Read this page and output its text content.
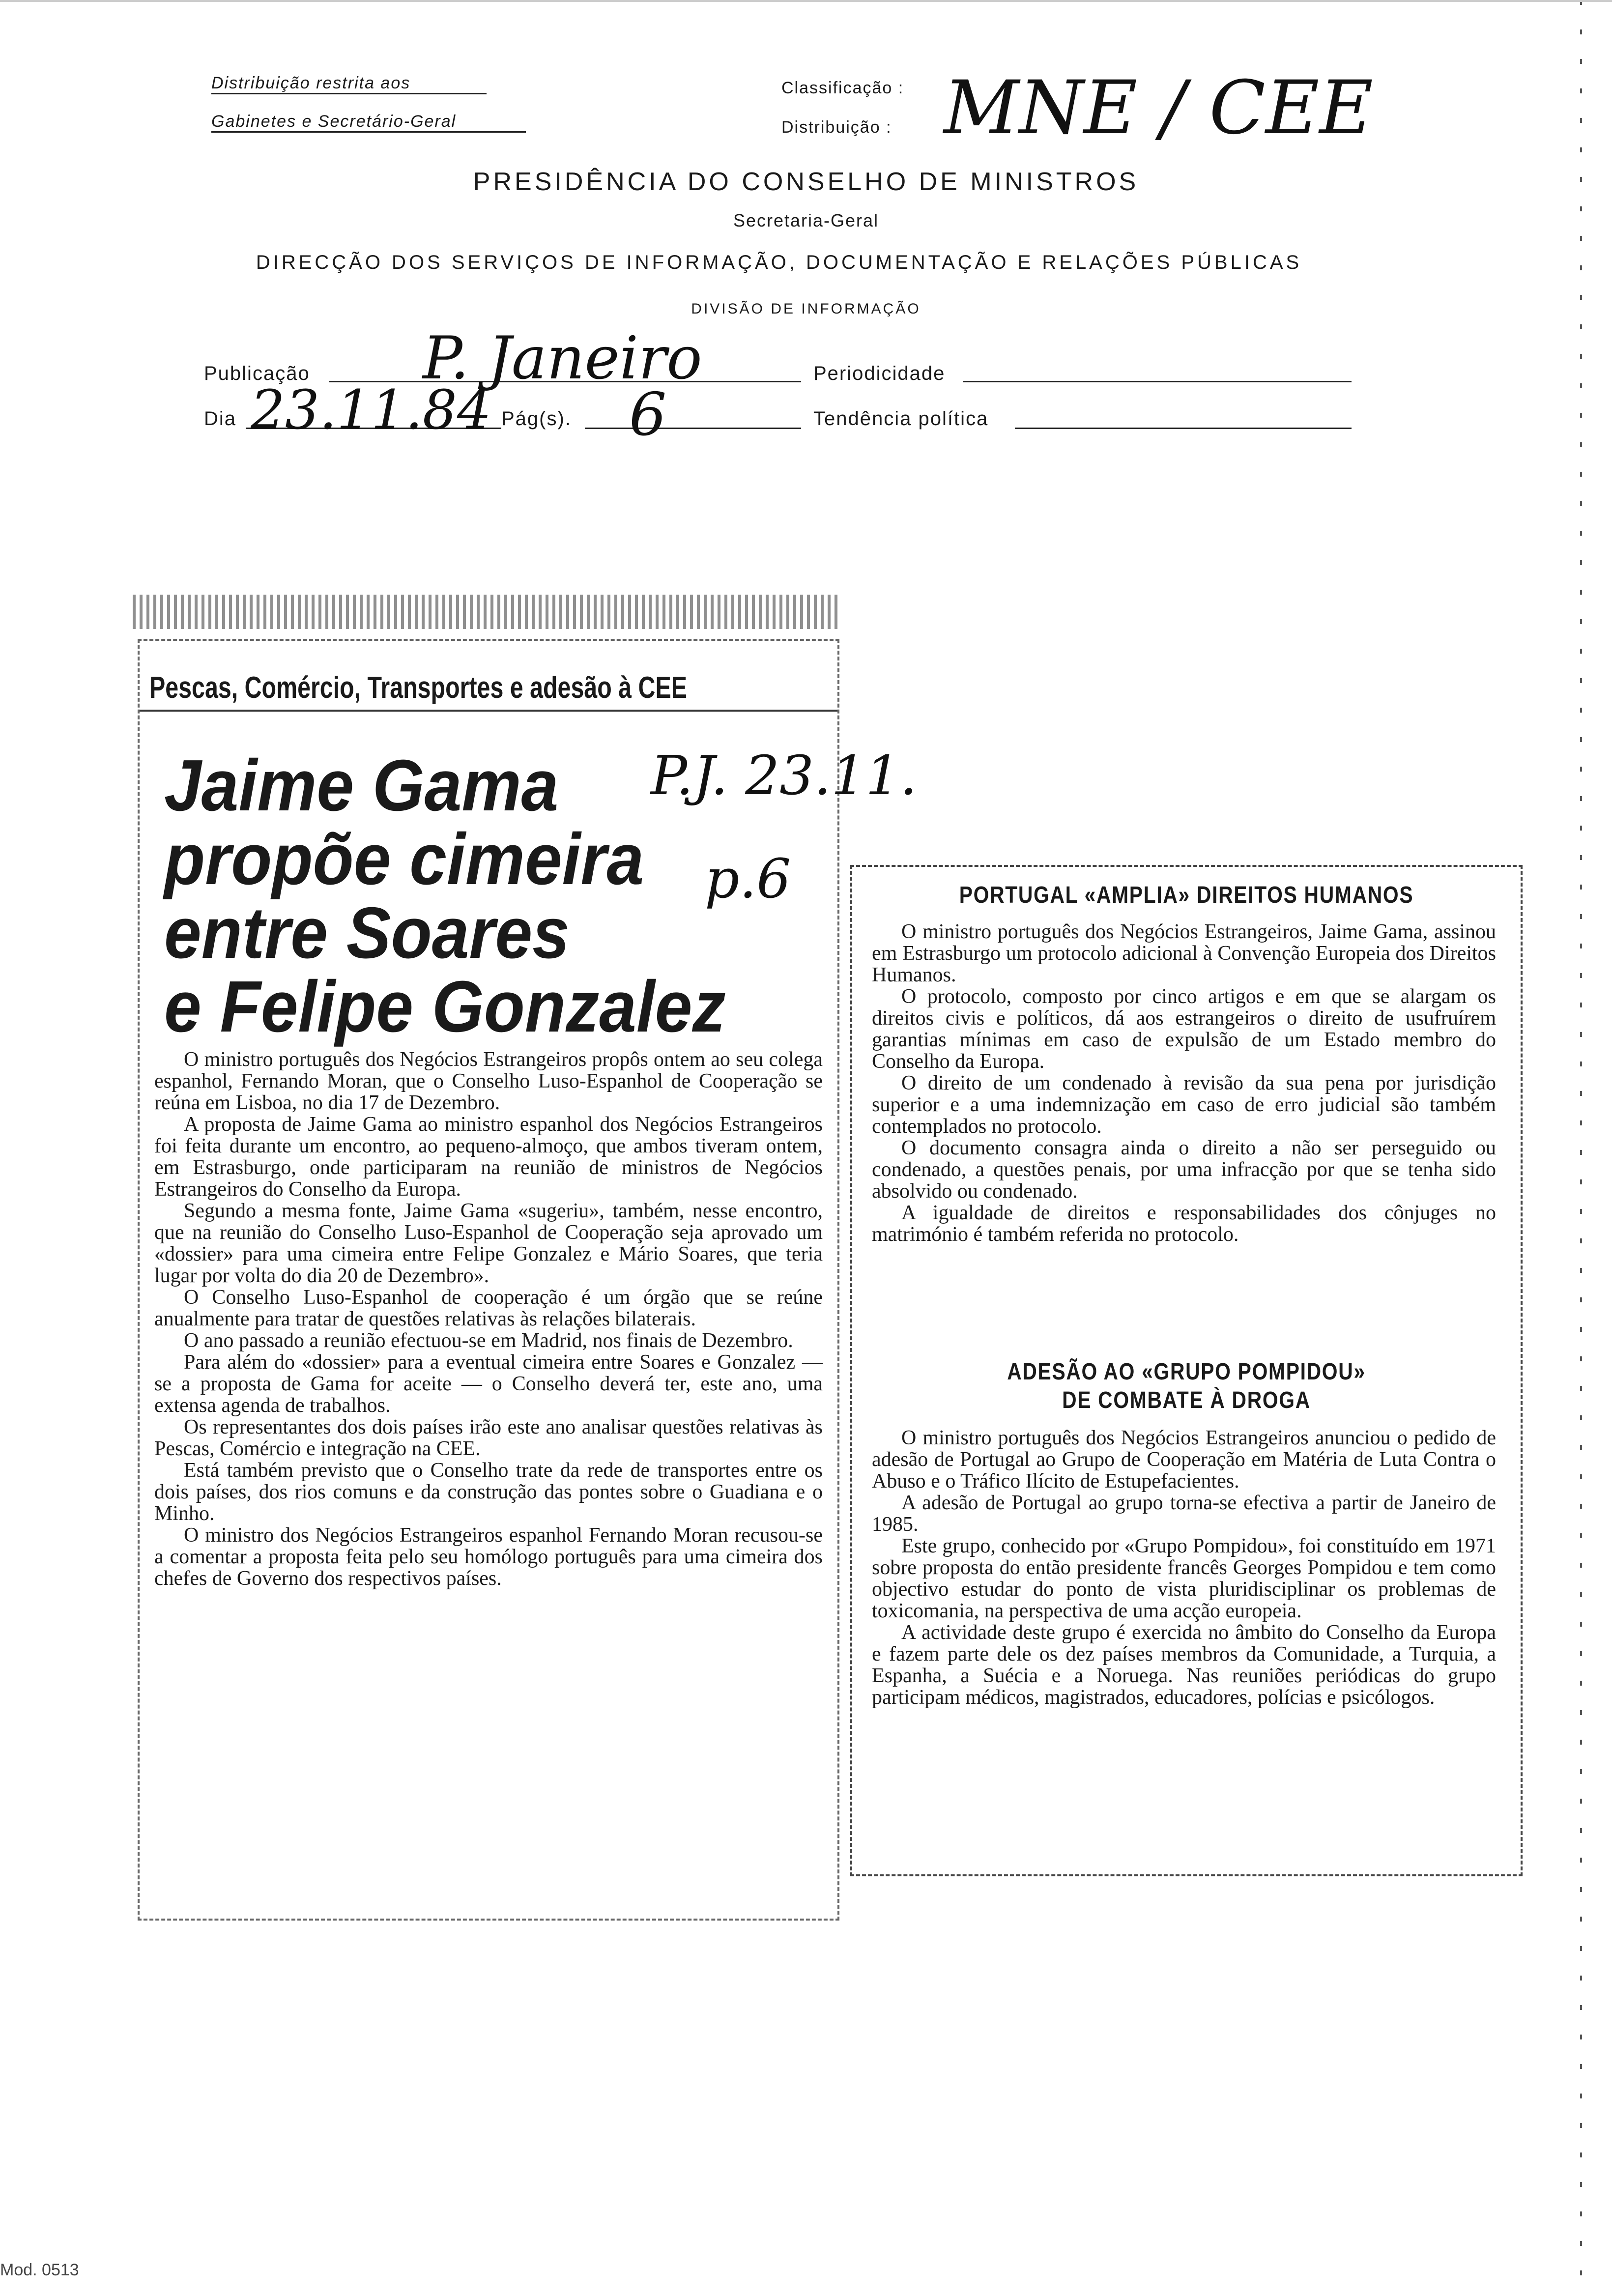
Distribuição restrita aos
Gabinetes e Secretário-Geral
Classificação :
Distribuição : MNE / CEE
PRESIDÊNCIA DO CONSELHO DE MINISTROS
Secretaria-Geral
DIRECÇÃO DOS SERVIÇOS DE INFORMAÇÃO, DOCUMENTAÇÃO E RELAÇÕES PÚBLICAS
DIVISÃO DE INFORMAÇÃO
Publicação P. Janeiro	Periodicidade
Dia 23.11.84 Pág(s). 6	Tendência política
Pescas, Comércio, Transportes e adesão à CEE
Jaime Gama
propõe cimeira
entre Soares
e Felipe Gonzalez
P.J. 23.11.
p.6

O ministro português dos Negócios Estrangeiros propôs ontem ao seu colega espanhol, Fernando Moran, que o Conselho Luso-Espanhol de Cooperação se reúna em Lisboa, no dia 17 de Dezembro.

A proposta de Jaime Gama ao ministro espanhol dos Negócios Estrangeiros foi feita durante um encontro, ao pequeno-almoço, que ambos tiveram ontem, em Estrasburgo, onde participaram na reunião de ministros de Negócios Estrangeiros do Conselho da Europa.

Segundo a mesma fonte, Jaime Gama «sugeriu», também, nesse encontro, que na reunião do Conselho Luso-Espanhol de Cooperação seja aprovado um «dossier» para uma cimeira entre Felipe Gonzalez e Mário Soares, que teria lugar por volta do dia 20 de Dezembro».

O Conselho Luso-Espanhol de cooperação é um órgão que se reúne anualmente para tratar de questões relativas às relações bilaterais.

O ano passado a reunião efectuou-se em Madrid, nos finais de Dezembro.

Para além do «dossier» para a eventual cimeira entre Soares e Gonzalez — se a proposta de Gama for aceite — o Conselho deverá ter, este ano, uma extensa agenda de trabalhos.

Os representantes dos dois países irão este ano analisar questões relativas às Pescas, Comércio e integração na CEE.

Está também previsto que o Conselho trate da rede de transportes entre os dois países, dos rios comuns e da construção das pontes sobre o Guadiana e o Minho.

O ministro dos Negócios Estrangeiros espanhol Fernando Moran recusou-se a comentar a proposta feita pelo seu homólogo português para uma cimeira dos chefes de Governo dos respectivos países.

PORTUGAL «AMPLIA» DIREITOS HUMANOS

O ministro português dos Negócios Estrangeiros, Jaime Gama, assinou em Estrasburgo um protocolo adicional à Convenção Europeia dos Direitos Humanos.

O protocolo, composto por cinco artigos e em que se alargam os direitos civis e políticos, dá aos estrangeiros o direito de usufruírem garantias mínimas em caso de expulsão de um Estado membro do Conselho da Europa.

O direito de um condenado à revisão da sua pena por jurisdição superior e a uma indemnização em caso de erro judicial são também contemplados no protocolo.

O documento consagra ainda o direito a não ser perseguido ou condenado, a questões penais, por uma infracção por que se tenha sido absolvido ou condenado.

A igualdade de direitos e responsabilidades dos cônjuges no matrimónio é também referida no protocolo.

ADESÃO AO «GRUPO POMPIDOU»
DE COMBATE À DROGA

O ministro português dos Negócios Estrangeiros anunciou o pedido de adesão de Portugal ao Grupo de Cooperação em Matéria de Luta Contra o Abuso e o Tráfico Ilícito de Estupefacientes.

A adesão de Portugal ao grupo torna-se efectiva a partir de Janeiro de 1985.

Este grupo, conhecido por «Grupo Pompidou», foi constituído em 1971 sobre proposta do então presidente francês Georges Pompidou e tem como objectivo estudar do ponto de vista pluridisciplinar os problemas de toxicomania, na perspectiva de uma acção europeia.

A actividade deste grupo é exercida no âmbito do Conselho da Europa e fazem parte dele os dez países membros da Comunidade, a Turquia, a Espanha, a Suécia e a Noruega. Nas reuniões periódicas do grupo participam médicos, magistrados, educadores, polícias e psicólogos.

Mod. 0513
